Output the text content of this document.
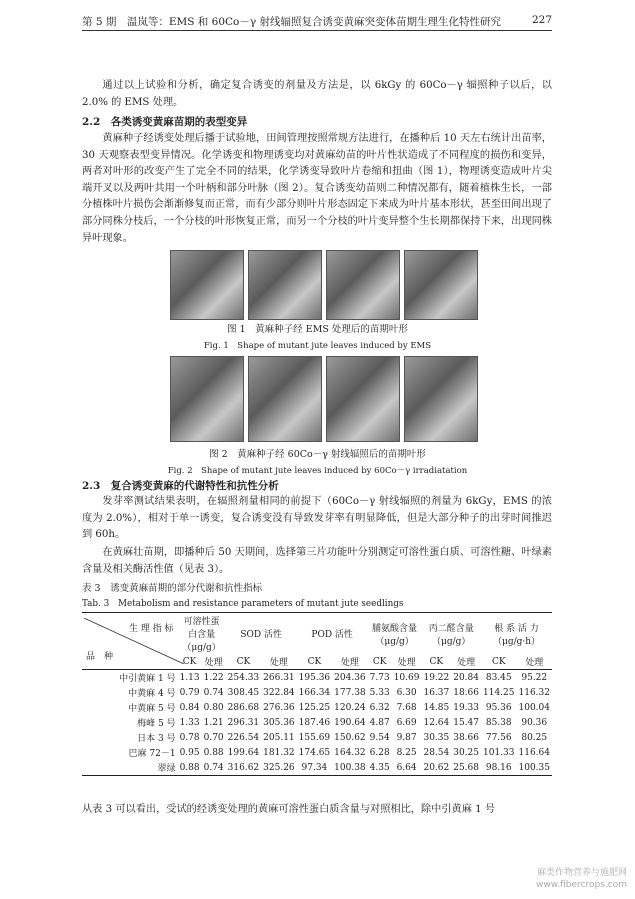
第 5 期　温岚等：EMS 和 60Co－γ 射线辐照复合诱变黄麻突变体苗期生理生化特性研究	227
通过以上试验和分析，确定复合诱变的剂量及方法是，以 6kGy 的 60Co－γ 辐照种子以后，以 2.0% 的 EMS 处理。
2.2　各类诱变黄麻苗期的表型变异
黄麻种子经诱变处理后播于试验地，田间管理按照常规方法进行，在播种后 10 天左右统计出苗率，30 天观察表型变异情况。化学诱变和物理诱变均对黄麻幼苗的叶片性状造成了不同程度的损伤和变异，两者对叶形的改变产生了完全不同的结果，化学诱变导致叶片卷缩和扭曲（图 1），物理诱变造成叶片尖端开叉以及两叶共用一个叶柄和部分叶脉（图 2）。复合诱变幼苗则二种情况都有，随着植株生长，一部分植株叶片损伤会渐渐修复而正常，而有少部分则叶片形态固定下来成为叶片基本形状，甚至田间出现了部分同株分枝后，一个分枝的叶形恢复正常，而另一个分枝的叶片变异整个生长期都保持下来，出现同株异叶现象。
图 1　黄麻种子经 EMS 处理后的苗期叶形
Fig. 1　Shape of mutant jute leaves induced by EMS
图 2　黄麻种子经 60Co－γ 射线辐照后的苗期叶形
Fig. 2　Shape of mutant jute leaves induced by 60Co－γ irradiatation
2.3　复合诱变黄麻的代谢特性和抗性分析
发芽率测试结果表明，在辐照剂量相同的前提下（60Co－γ 射线辐照的剂量为 6kGy，EMS 的浓度为 2.0%），相对于单一诱变，复合诱变没有导致发芽率有明显降低，但是大部分种子的出芽时间推迟到 60h。
在黄麻壮苗期，即播种后 50 天期间，选择第三片功能叶分别测定可溶性蛋白质、可溶性糖、叶绿素含量及相关酶活性值（见表 3）。
表 3　诱变黄麻苗期的部分代谢和抗性指标
Tab. 3　Metabolism and resistance parameters of mutant jute seedlings
生 理 指 标
品　种	可溶性蛋白含量（μg/g）		SOD 活性		POD 活性		脯氨酸含量（μg/g）		丙二醛含量（μg/g）		根 系 活 力（μg/g·h）	
	CK	处理	CK	处理	CK	处理	CK	处理	CK	处理	CK	处理
中引黄麻 1 号	1.13	1.22	254.33	266.31	195.36	204.36	7.73	10.69	19.22	20.84	83.45	95.22
中黄麻 4 号	0.79	0.74	308.45	322.84	166.34	177.38	5.33	6.30	16.37	18.66	114.25	116.32
中黄麻 5 号	0.84	0.80	286.68	276.36	125.25	120.24	6.32	7.68	14.85	19.33	95.36	100.04
梅峰 5 号	1.33	1.21	296.31	305.36	187.46	190.64	4.87	6.69	12.64	15.47	85.38	90.36
日本 3 号	0.78	0.70	226.54	205.11	155.69	150.62	9.54	9.87	30.35	38.66	77.56	80.25
巴麻 72－1	0.95	0.88	199.64	181.32	174.65	164.32	6.28	8.25	28.54	30.25	101.33	116.64
翠绿	0.88	0.74	316.62	325.26	97.34	100.38	4.35	6.64	20.62	25.68	98.16	100.35
从表 3 可以看出，受试的经诱变处理的黄麻可溶性蛋白质含量与对照相比，除中引黄麻 1 号
麻类作物营养与施肥网
www.fibercrops.com
